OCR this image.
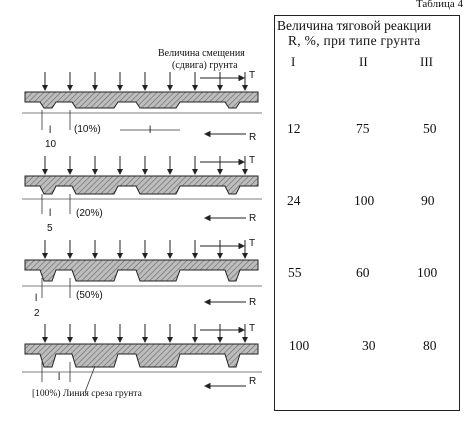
Таблица 4
Величина тяговой реакции
R, %, при типе грунта
I	II	III
12	75	50
24	100	90
55	60	100
100	30	80
Величина смещения
(сдвига) грунта
T
R
T
R
T
R
T
R
(10%)
l
10
l
(20%)
l
5
(50%)
l
2
l
[100%) Линия среза грунта
